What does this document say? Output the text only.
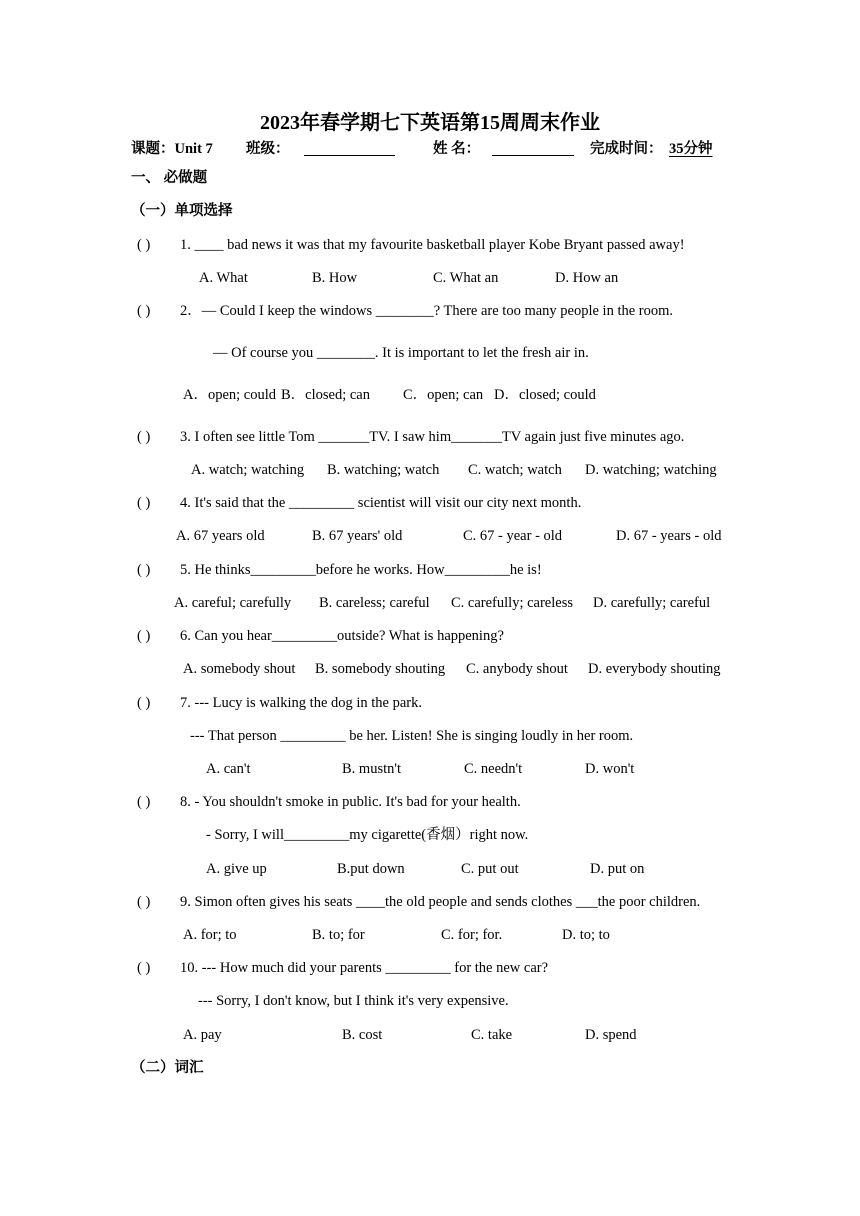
2023年春学期七下英语第15周周末作业
课题：Unit 7 班级：	姓 名：	完成时间： 35分钟
一、 必做题
（一）单项选择
( ) 1. ____ bad news it was that my favourite basketball player Kobe Bryant passed away!
A. What	B. How	C. What an	D. How an
( ) 2．— Could I keep the windows ________? There are too many people in the room.
— Of course you ________. It is important to let the fresh air in.
A．open; could B．closed; can C．open; can D．closed; could
( ) 3. I often see little Tom _______TV. I saw him_______TV again just five minutes ago.
A. watch; watching B. watching; watch C. watch; watch D. watching; watching
( ) 4. It's said that the _________ scientist will visit our city next month.
A. 67 years old	B. 67 years' old	C. 67 - year - old	D. 67 - years - old
( ) 5. He thinks_________before he works. How_________he is!
A. careful; carefully B. careless; careful C. carefully; careless D. carefully; careful
( ) 6. Can you hear_________outside? What is happening?
A. somebody shout B. somebody shouting C. anybody shout D. everybody shouting
( ) 7. --- Lucy is walking the dog in the park.
--- That person _________ be her. Listen! She is singing loudly in her room.
A. can't	B. mustn't	C. needn't	D. won't
( ) 8. - You shouldn't smoke in public. It's bad for your health.
- Sorry, I will_________my cigarette(香烟）right now.
A. give up	B.put down	C. put out	D. put on
( ) 9. Simon often gives his seats ____the old people and sends clothes ___the poor children.
A. for; to	B. to; for	C. for; for.	D. to; to
( ) 10. --- How much did your parents _________ for the new car?
--- Sorry, I don't know, but I think it's very expensive.
A. pay	B. cost	C. take	D. spend
（二）词汇
